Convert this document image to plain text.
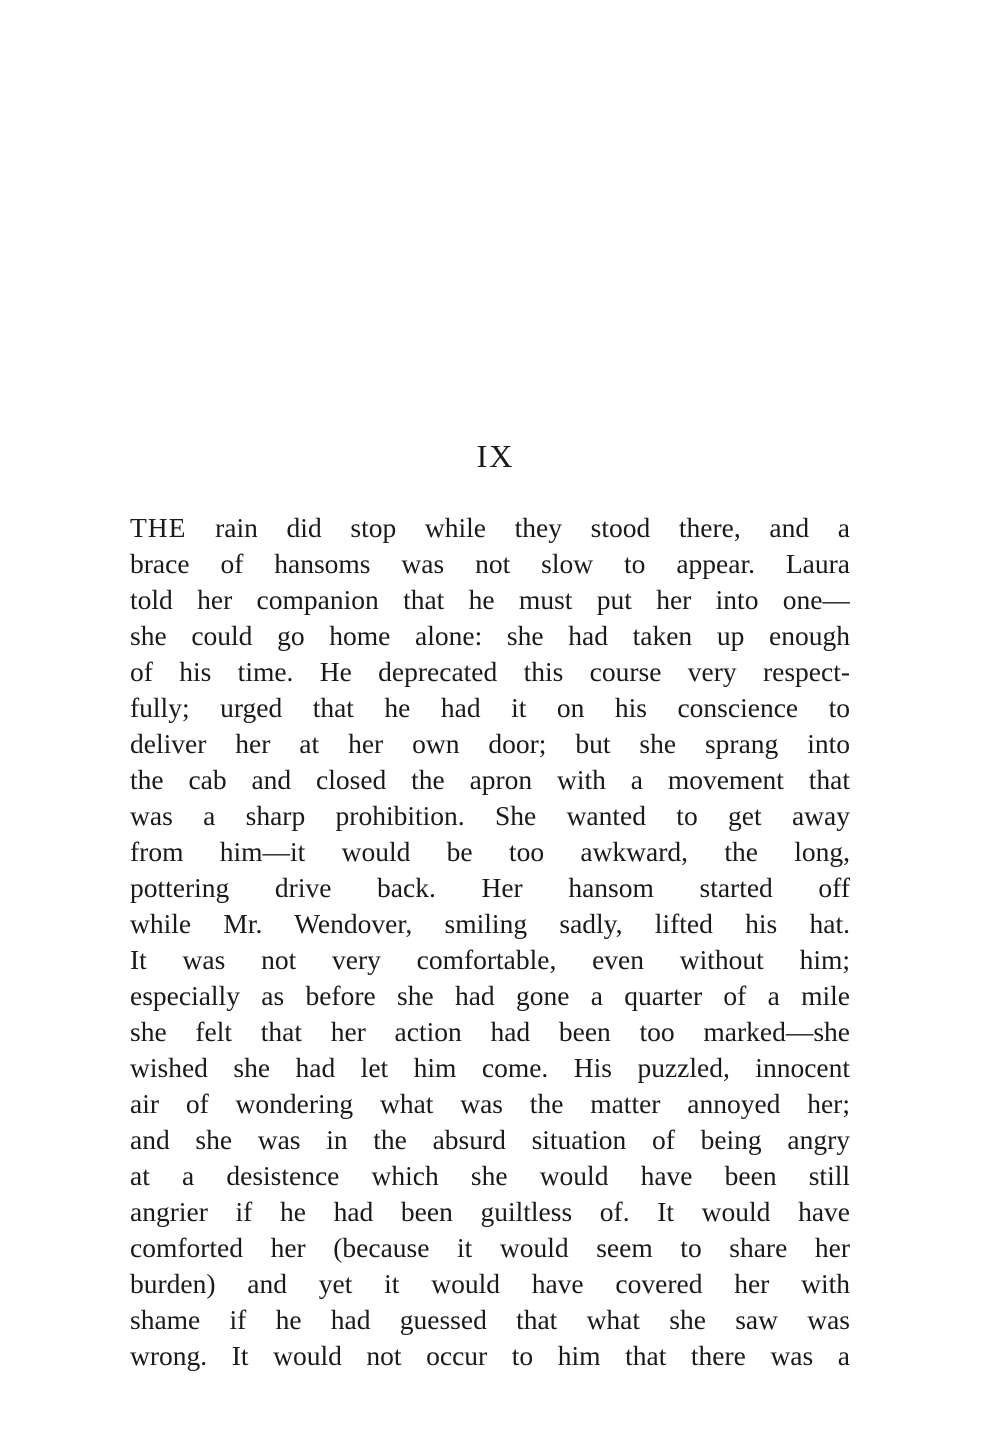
IX
THE rain did stop while they stood there, and a
brace of hansoms was not slow to appear. Laura
told her companion that he must put her into one—
she could go home alone: she had taken up enough
of his time. He deprecated this course very respect-
fully; urged that he had it on his conscience to
deliver her at her own door; but she sprang into
the cab and closed the apron with a movement that
was a sharp prohibition. She wanted to get away
from him—it would be too awkward, the long,
pottering drive back. Her hansom started off
while Mr. Wendover, smiling sadly, lifted his hat.
It was not very comfortable, even without him;
especially as before she had gone a quarter of a mile
she felt that her action had been too marked—she
wished she had let him come. His puzzled, innocent
air of wondering what was the matter annoyed her;
and she was in the absurd situation of being angry
at a desistence which she would have been still
angrier if he had been guiltless of. It would have
comforted her (because it would seem to share her
burden) and yet it would have covered her with
shame if he had guessed that what she saw was
wrong. It would not occur to him that there was a
